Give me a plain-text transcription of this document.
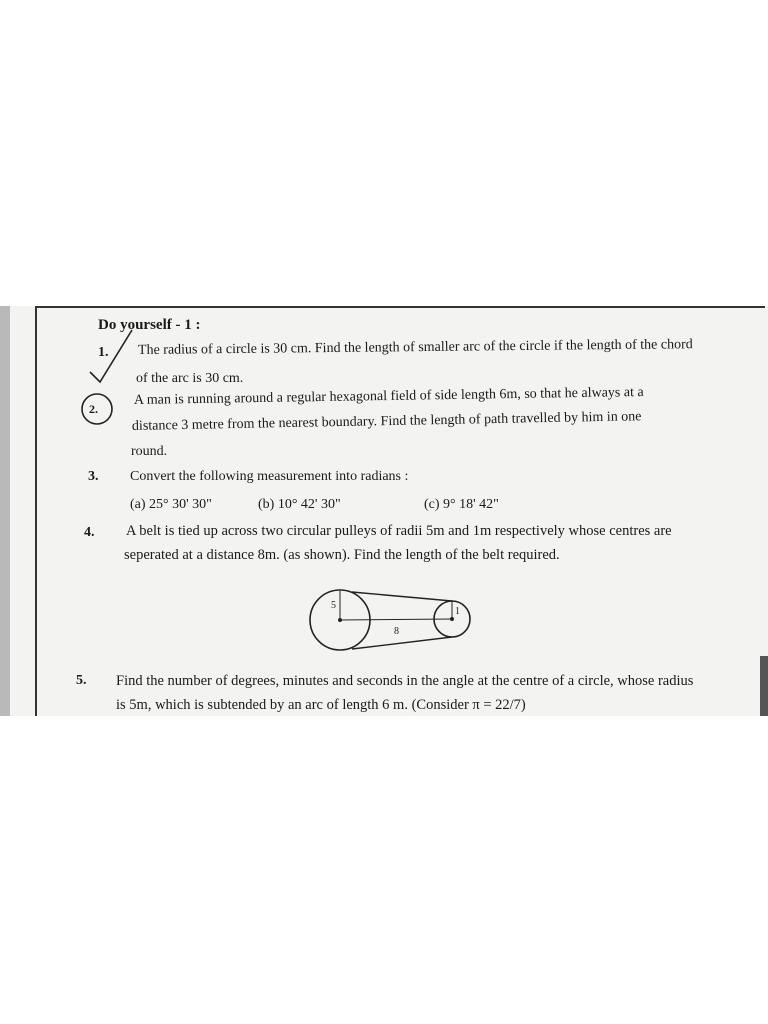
Do yourself - 1 :
1. The radius of a circle is 30 cm. Find the length of smaller arc of the circle if the length of the chord
of the arc is 30 cm.
2.
A man is running around a regular hexagonal field of side length 6m, so that he always at a
distance 3 metre from the nearest boundary. Find the length of path travelled by him in one
round.
3. Convert the following measurement into radians :
(a) 25° 30' 30"	(b) 10° 42' 30"	(c) 9° 18' 42"
4. A belt is tied up across two circular pulleys of radii 5m and 1m respectively whose centres are
seperated at a distance 8m. (as shown). Find the length of the belt required.
5
1
8
5. Find the number of degrees, minutes and seconds in the angle at the centre of a circle, whose radius
is 5m, which is subtended by an arc of length 6 m. (Consider π = 22/7)
